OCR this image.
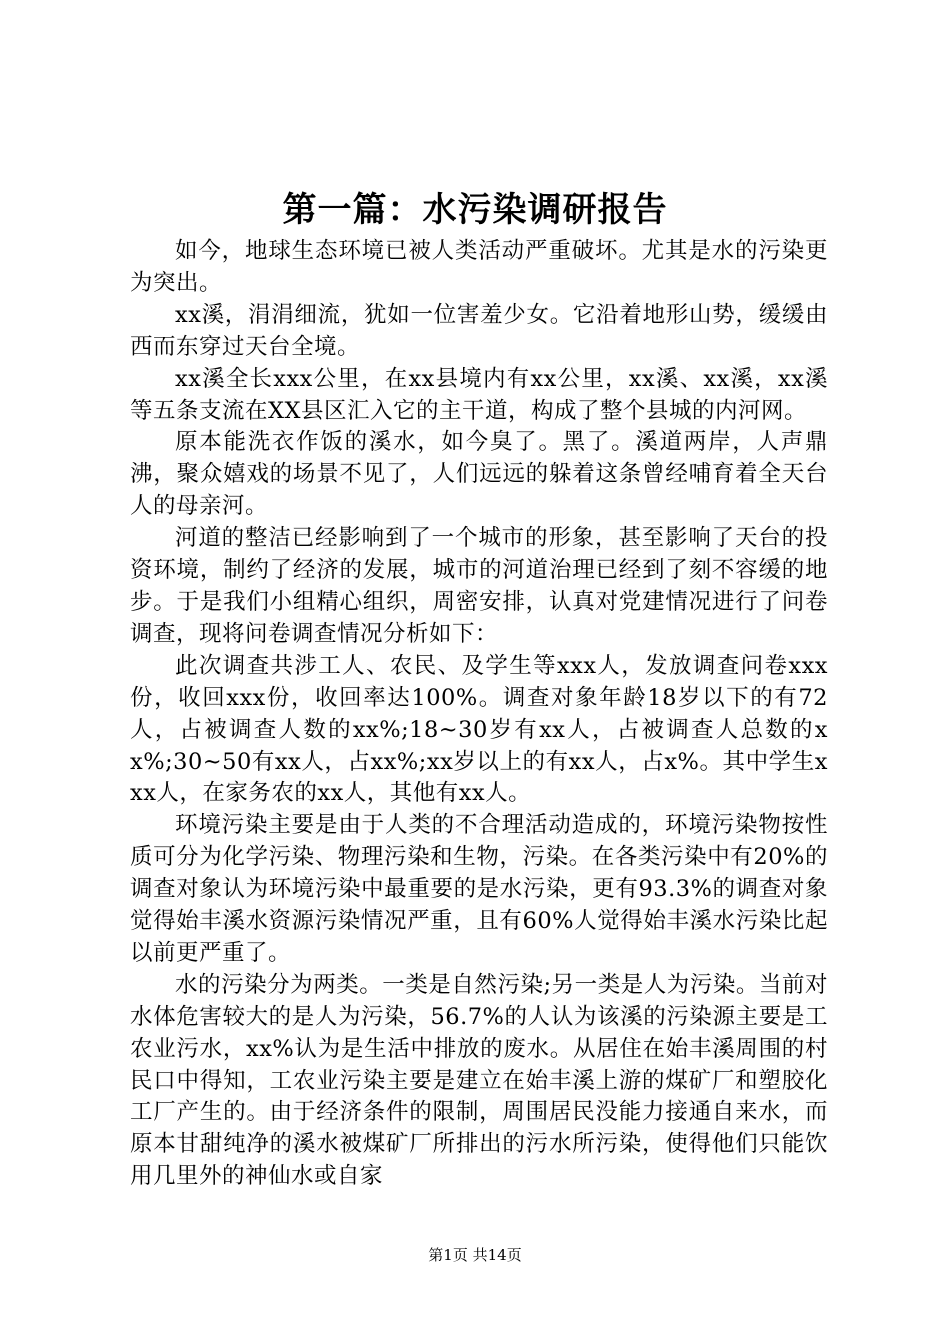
第一篇：水污染调研报告

如今，地球生态环境已被人类活动严重破坏。尤其是水的污染更为突出。

xx溪，涓涓细流，犹如一位害羞少女。它沿着地形山势，缓缓由西而东穿过天台全境。

xx溪全长xxx公里，在xx县境内有xx公里，xx溪、xx溪，xx溪等五条支流在XX县区汇入它的主干道，构成了整个县城的内河网。

原本能洗衣作饭的溪水，如今臭了。黑了。溪道两岸，人声鼎沸，聚众嬉戏的场景不见了，人们远远的躲着这条曾经哺育着全天台人的母亲河。

河道的整洁已经影响到了一个城市的形象，甚至影响了天台的投资环境，制约了经济的发展，城市的河道治理已经到了刻不容缓的地步。于是我们小组精心组织，周密安排，认真对党建情况进行了问卷调查，现将问卷调查情况分析如下：

此次调查共涉工人、农民、及学生等xxx人，发放调查问卷xxx份，收回xxx份，收回率达100%。调查对象年龄18岁以下的有72人，占被调查人数的xx%;18~30岁有xx人，占被调查人总数的xx%;30~50有xx人，占xx%;xx岁以上的有xx人，占x%。其中学生xxx人，在家务农的xx人，其他有xx人。

环境污染主要是由于人类的不合理活动造成的，环境污染物按性质可分为化学污染、物理污染和生物，污染。在各类污染中有20%的调查对象认为环境污染中最重要的是水污染，更有93.3%的调查对象觉得始丰溪水资源污染情况严重，且有60%人觉得始丰溪水污染比起以前更严重了。

水的污染分为两类。一类是自然污染;另一类是人为污染。当前对水体危害较大的是人为污染，56.7%的人认为该溪的污染源主要是工农业污水，xx%认为是生活中排放的废水。从居住在始丰溪周围的村民口中得知，工农业污染主要是建立在始丰溪上游的煤矿厂和塑胶化工厂产生的。由于经济条件的限制，周围居民没能力接通自来水，而原本甘甜纯净的溪水被煤矿厂所排出的污水所污染，使得他们只能饮用几里外的神仙水或自家

第1页 共14页
